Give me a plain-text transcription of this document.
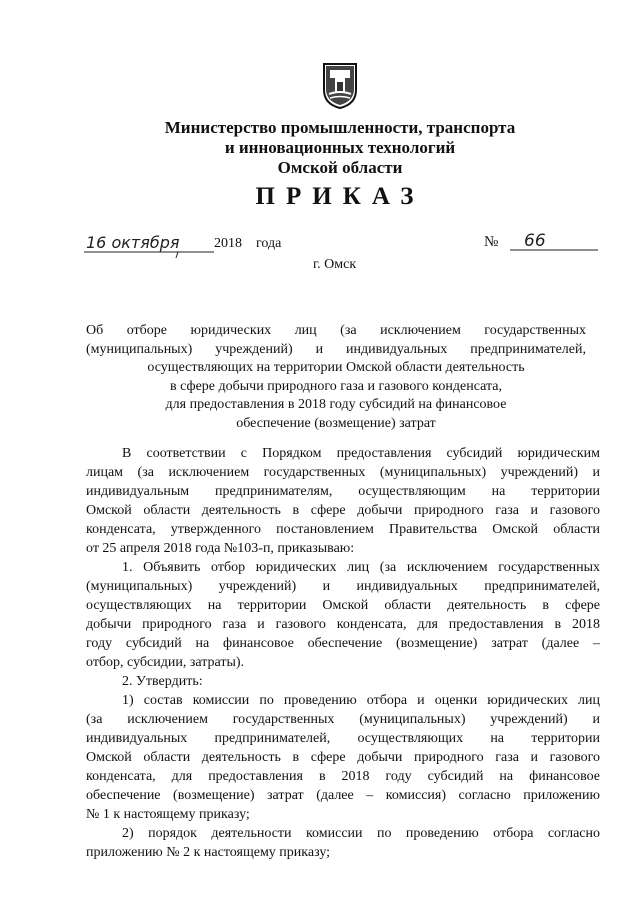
Министерство промышленности, транспорта
и инновационных технологий
Омской области
ПРИКАЗ
16 октября 2018 года	№ 66
г. Омск
Об отборе юридических лиц (за исключением государственных
(муниципальных) учреждений) и индивидуальных предпринимателей,
осуществляющих на территории Омской области деятельность
в сфере добычи природного газа и газового конденсата,
для предоставления в 2018 году субсидий на финансовое
обеспечение (возмещение) затрат
В соответствии с Порядком предоставления субсидий юридическим
лицам (за исключением государственных (муниципальных) учреждений) и
индивидуальным предпринимателям, осуществляющим на территории
Омской области деятельность в сфере добычи природного газа и газового
конденсата, утвержденного постановлением Правительства Омской области
от 25 апреля 2018 года №103-п, приказываю:
1. Объявить отбор юридических лиц (за исключением государственных
(муниципальных) учреждений) и индивидуальных предпринимателей,
осуществляющих на территории Омской области деятельность в сфере
добычи природного газа и газового конденсата, для предоставления в 2018
году субсидий на финансовое обеспечение (возмещение) затрат (далее –
отбор, субсидии, затраты).
2. Утвердить:
1) состав комиссии по проведению отбора и оценки юридических лиц
(за исключением государственных (муниципальных) учреждений) и
индивидуальных предпринимателей, осуществляющих на территории
Омской области деятельность в сфере добычи природного газа и газового
конденсата, для предоставления в 2018 году субсидий на финансовое
обеспечение (возмещение) затрат (далее – комиссия) согласно приложению
№ 1 к настоящему приказу;
2) порядок деятельности комиссии по проведению отбора согласно
приложению № 2 к настоящему приказу;
